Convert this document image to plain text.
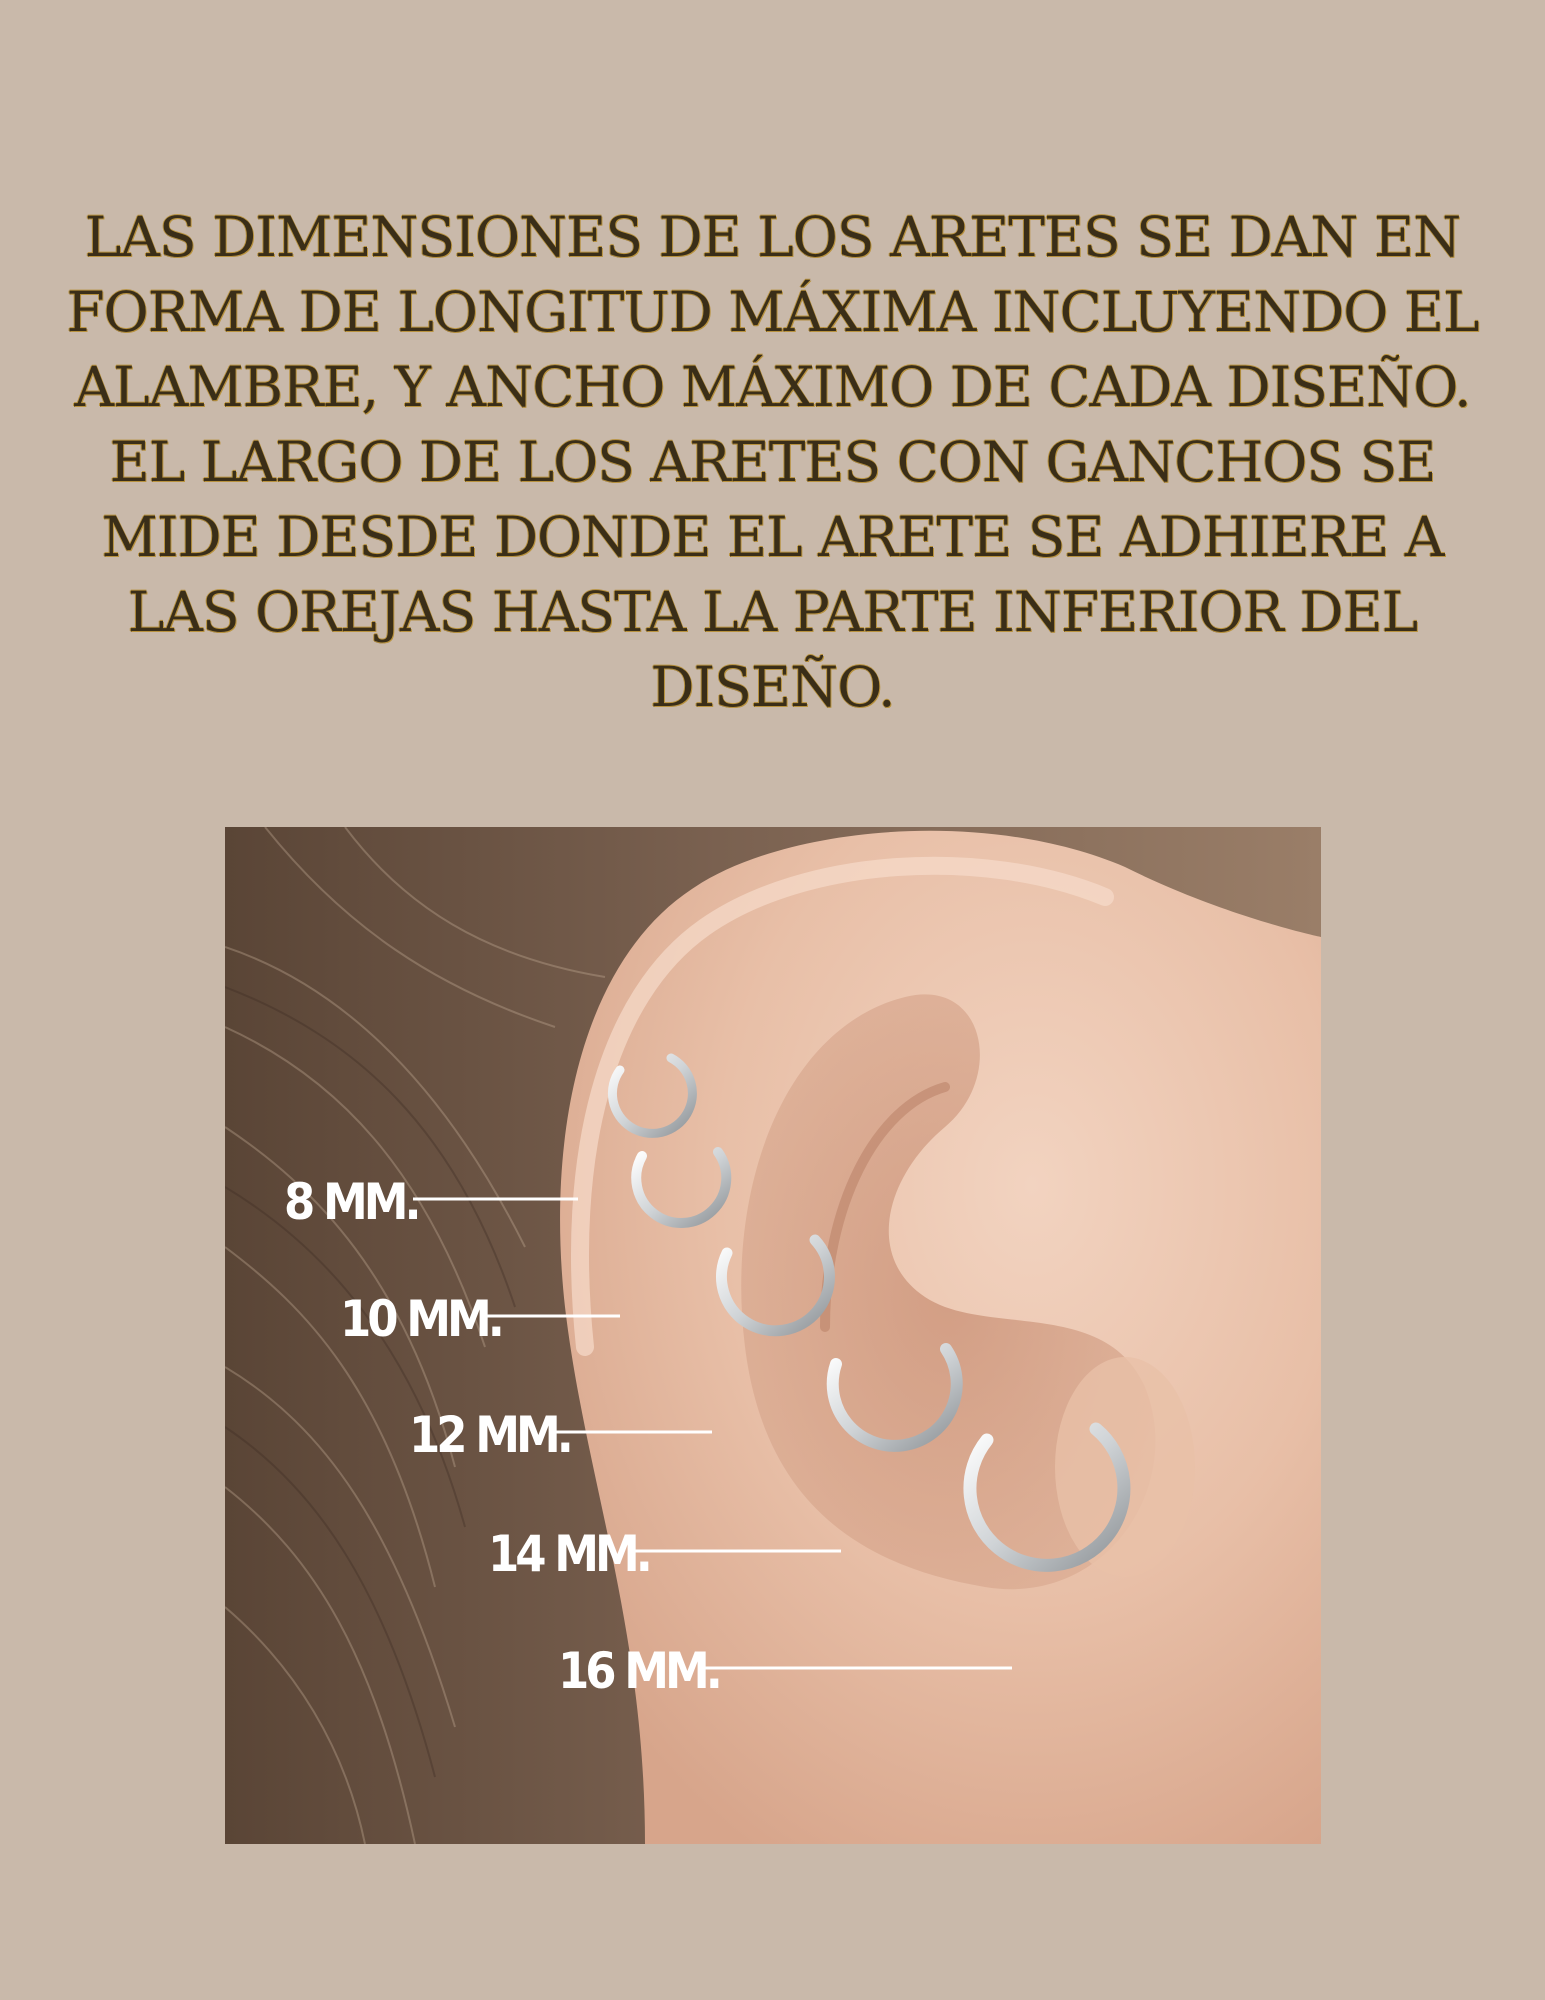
LAS DIMENSIONES DE LOS ARETES SE DAN EN
FORMA DE LONGITUD MÁXIMA INCLUYENDO EL
ALAMBRE, Y ANCHO MÁXIMO DE CADA DISEÑO.
EL LARGO DE LOS ARETES CON GANCHOS SE
MIDE DESDE DONDE EL ARETE SE ADHIERE A
LAS OREJAS HASTA LA PARTE INFERIOR DEL
DISEÑO.

8 MM.
10 MM.
12 MM.
14 MM.
16 MM.
